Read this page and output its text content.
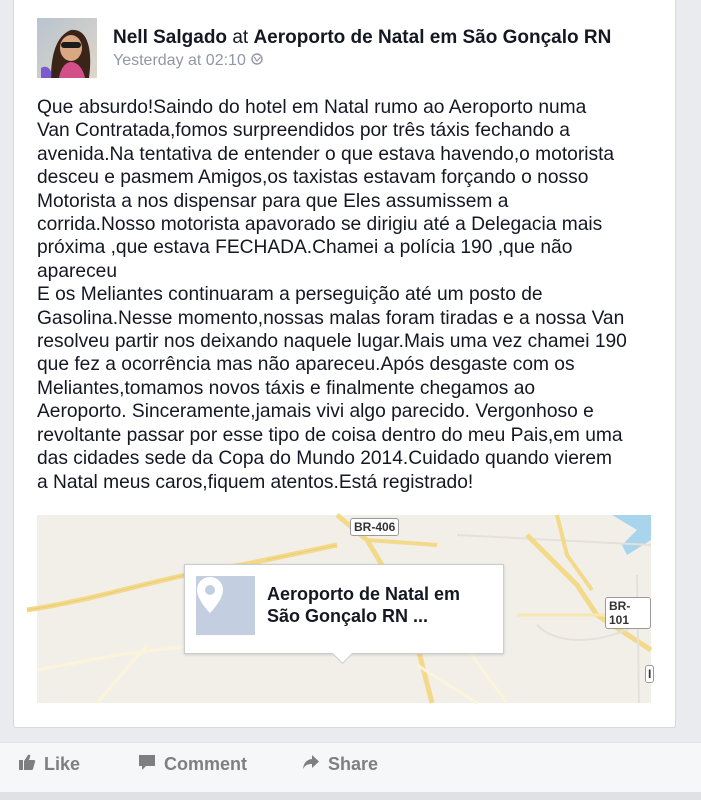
Nell Salgado at Aeroporto de Natal em São Gonçalo RN
Yesterday at 02:10
Que absurdo!Saindo do hotel em Natal rumo ao Aeroporto numa
Van Contratada,fomos surpreendidos por três táxis fechando a
avenida.Na tentativa de entender o que estava havendo,o motorista
desceu e pasmem Amigos,os taxistas estavam forçando o nosso
Motorista a nos dispensar para que Eles assumissem a
corrida.Nosso motorista apavorado se dirigiu até a Delegacia mais
próxima ,que estava FECHADA.Chamei a polícia 190 ,que não
apareceu
E os Meliantes continuaram a perseguição até um posto de
Gasolina.Nesse momento,nossas malas foram tiradas e a nossa Van
resolveu partir nos deixando naquele lugar.Mais uma vez chamei 190
que fez a ocorrência mas não apareceu.Após desgaste com os
Meliantes,tomamos novos táxis e finalmente chegamos ao
Aeroporto. Sinceramente,jamais vivi algo parecido. Vergonhoso e
revoltante passar por esse tipo de coisa dentro do meu Pais,em uma
das cidades sede da Copa do Mundo 2014.Cuidado quando vierem
a Natal meus caros,fiquem atentos.Está registrado!
BR-406
BR-101
I
Aeroporto de Natal em
São Gonçalo RN ...
Like	Comment	Share
